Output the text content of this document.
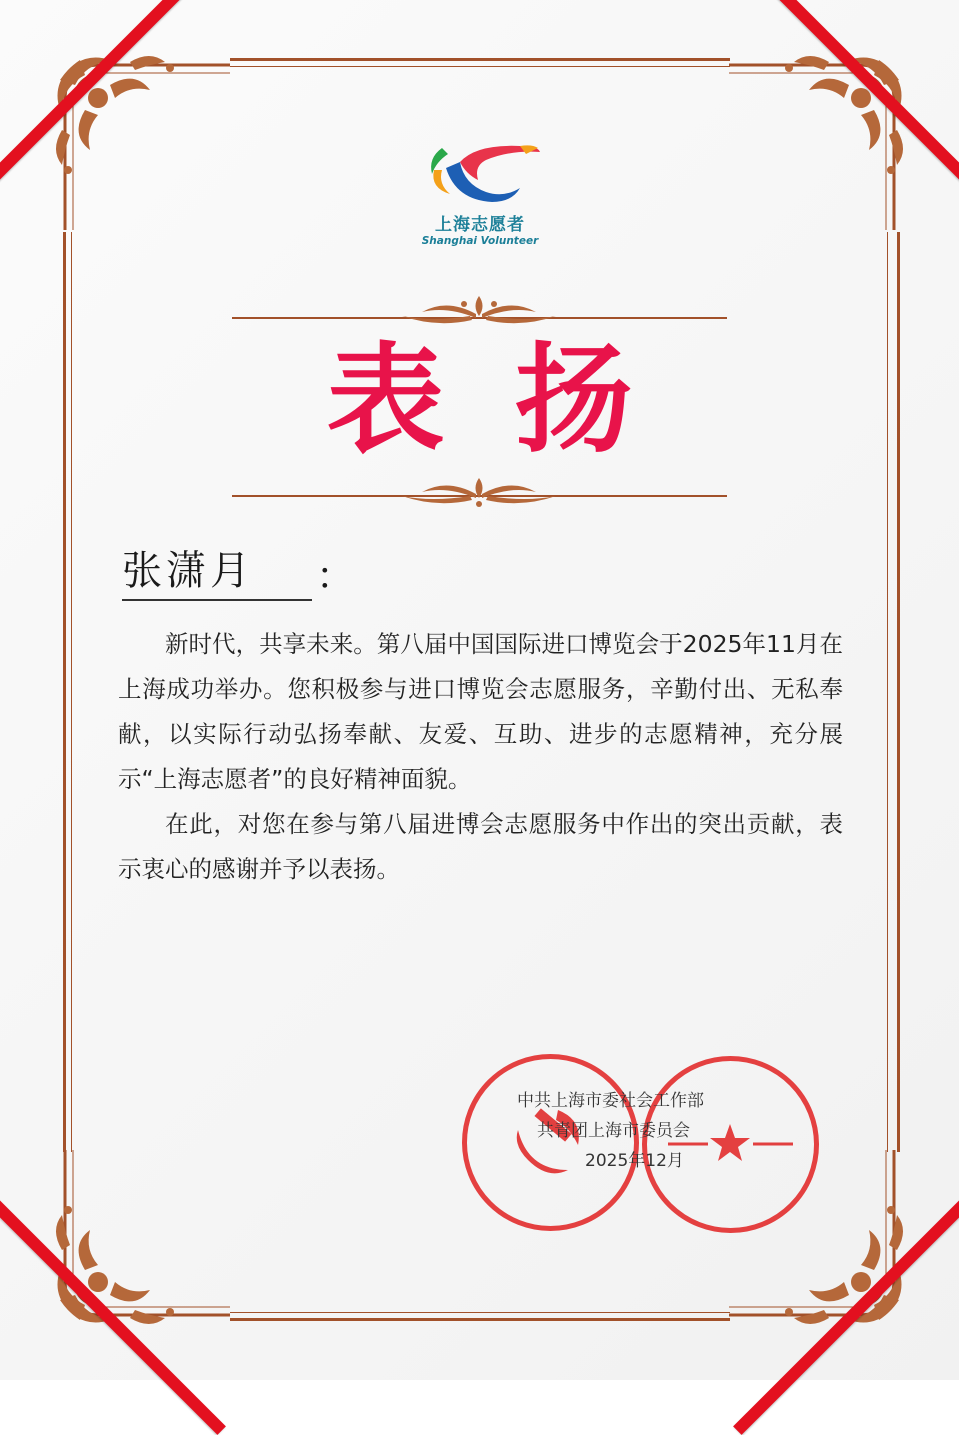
上海志愿者
Shanghai Volunteer
表扬
张潇月	：

新时代，共享未来。第八届中国国际进口博览会于2025年11月在上海成功举办。您积极参与进口博览会志愿服务，辛勤付出、无私奉献，以实际行动弘扬奉献、友爱、互助、进步的志愿精神，充分展示“上海志愿者”的良好精神面貌。

在此，对您在参与第八届进博会志愿服务中作出的突出贡献，表示衷心的感谢并予以表扬。

中共上海市委社会工作部
共青团上海市委员会
2025年12月
